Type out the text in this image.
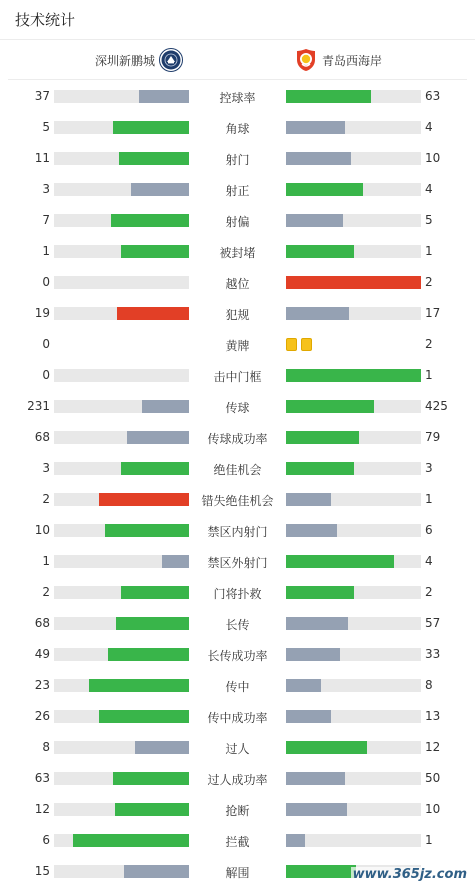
技术统计
深圳新鹏城	青岛西海岸
37	控球率	63
5	角球	4
11	射门	10
3	射正	4
7	射偏	5
1	被封堵	1
0	越位	2
19	犯规	17
0	黄牌	2
0	击中门框	1
231	传球	425
68	传球成功率	79
3	绝佳机会	3
2	错失绝佳机会	1
10	禁区内射门	6
1	禁区外射门	4
2	门将扑救	2
68	长传	57
49	长传成功率	33
23	传中	8
26	传中成功率	13
8	过人	12
63	过人成功率	50
12	抢断	10
6	拦截	1
15	解围	www.365jz.com
